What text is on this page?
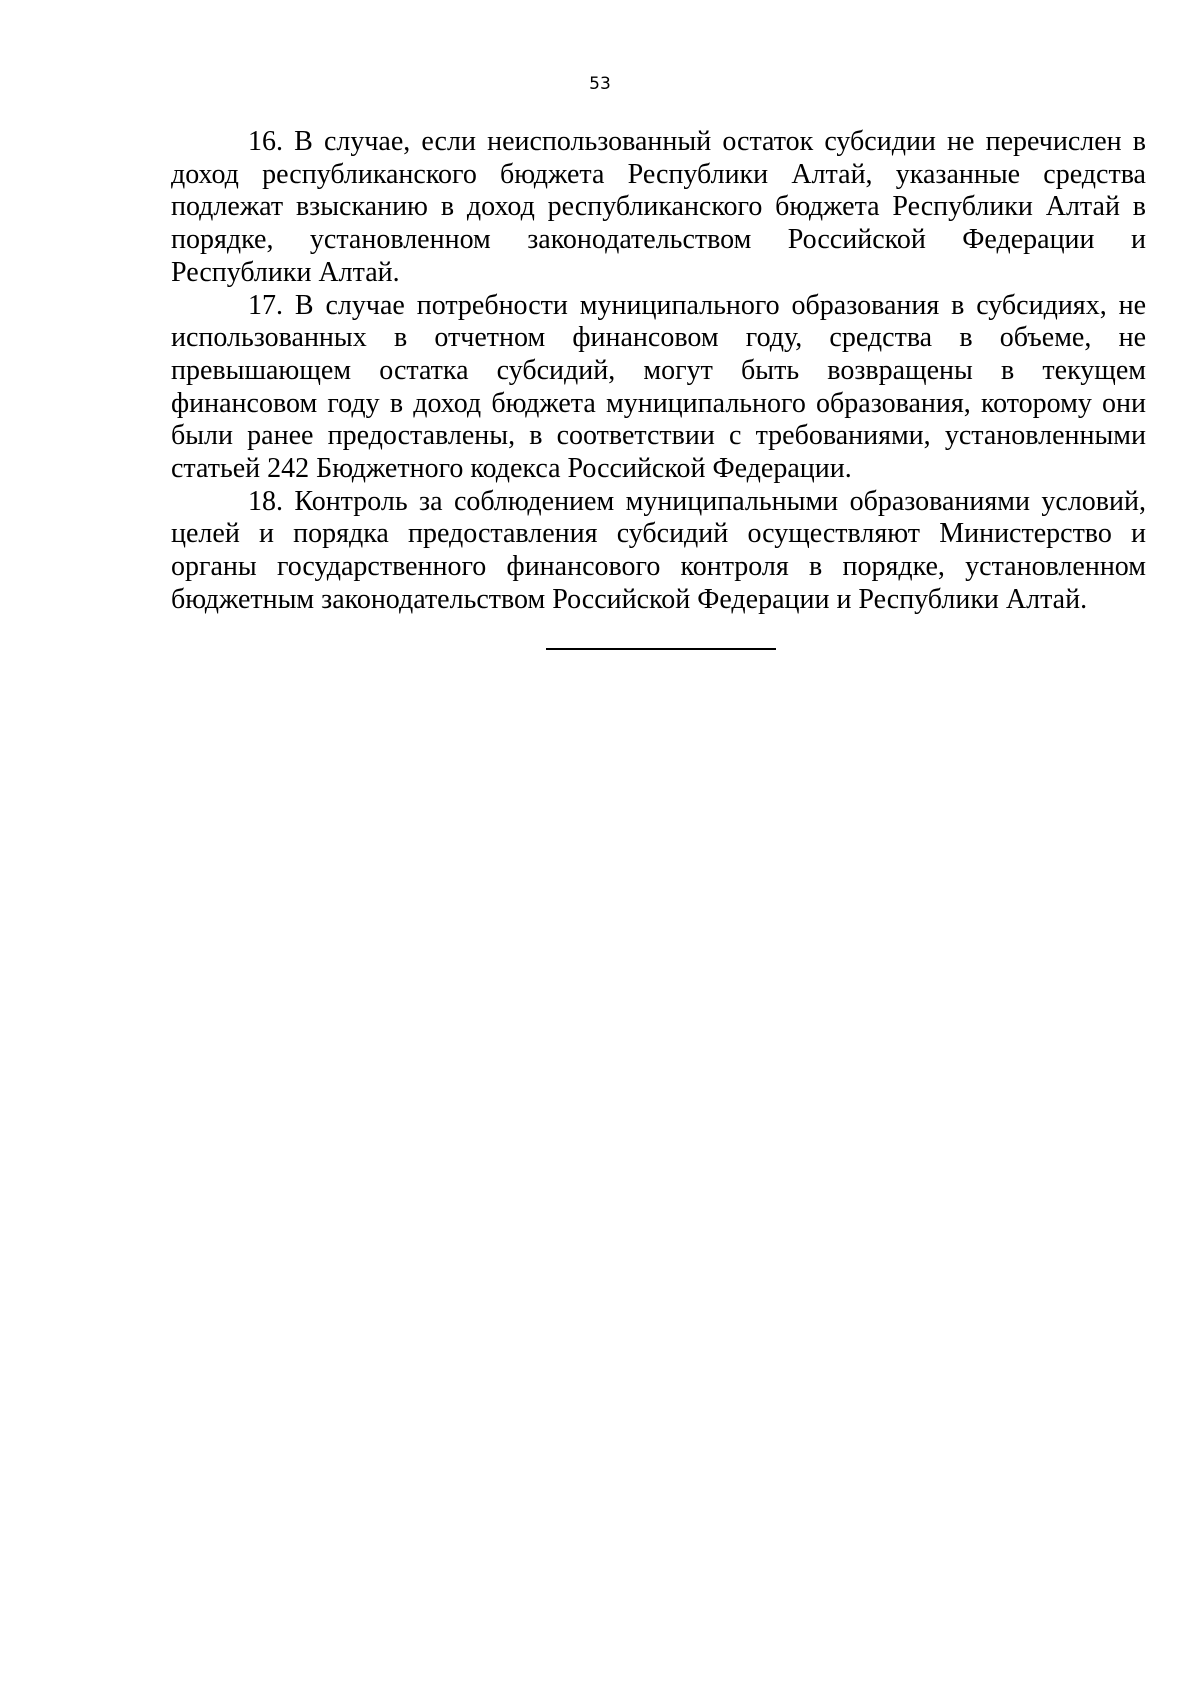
53

16. В случае, если неиспользованный остаток субсидии не перечислен в доход республиканского бюджета Республики Алтай, указанные средства подлежат взысканию в доход республиканского бюджета Республики Алтай в порядке, установленном законодательством Российской Федерации и Республики Алтай.

17. В случае потребности муниципального образования в субсидиях, не использованных в отчетном финансовом году, средства в объеме, не превышающем остатка субсидий, могут быть возвращены в текущем финансовом году в доход бюджета муниципального образования, которому они были ранее предоставлены, в соответствии с требованиями, установленными статьей 242 Бюджетного кодекса Российской Федерации.

18. Контроль за соблюдением муниципальными образованиями условий, целей и порядка предоставления субсидий осуществляют Министерство и органы государственного финансового контроля в порядке, установленном бюджетным законодательством Российской Федерации и Республики Алтай.
